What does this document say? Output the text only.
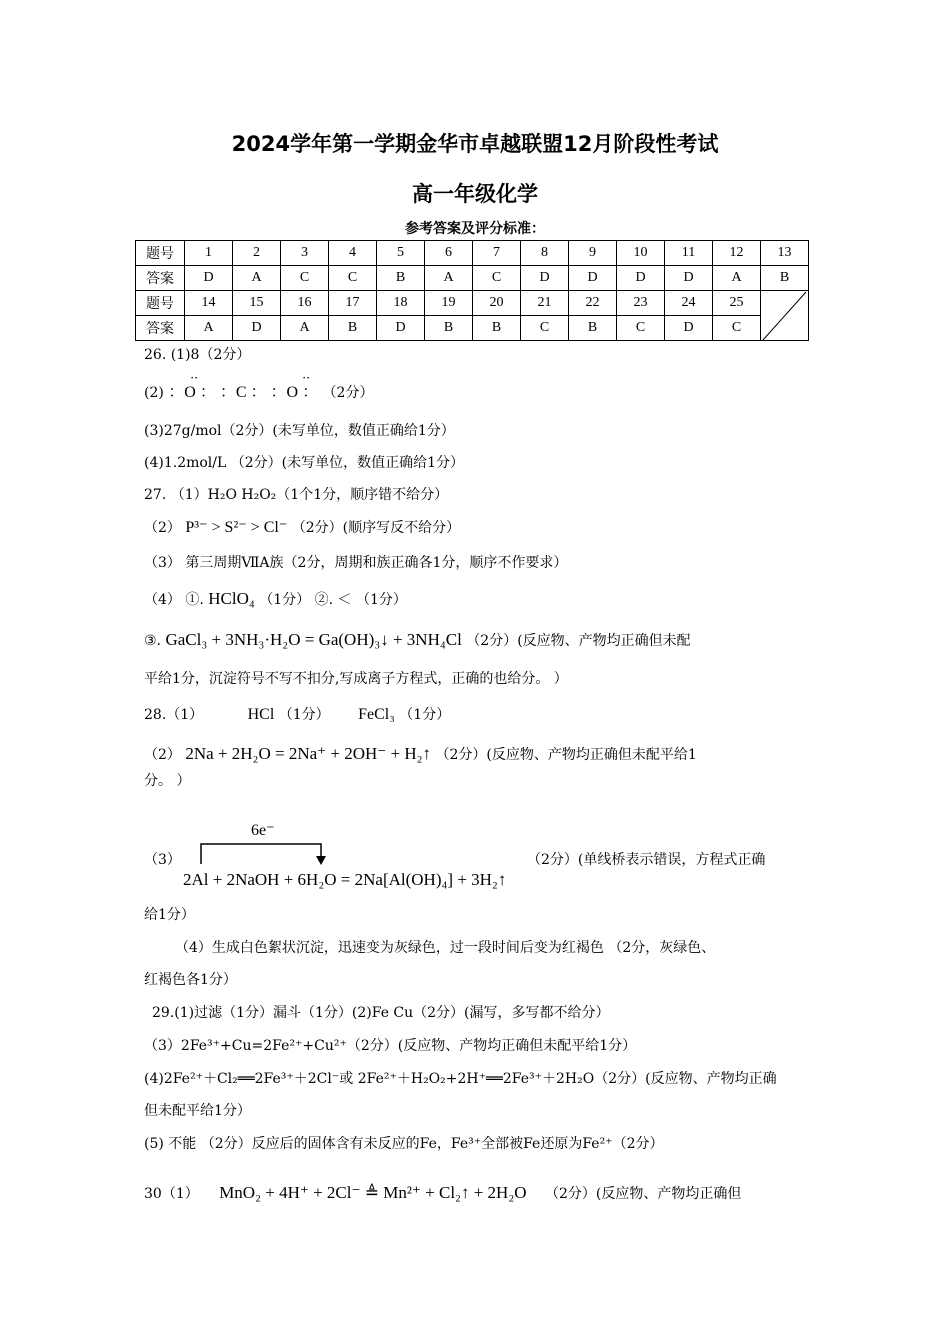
2024学年第一学期金华市卓越联盟12月阶段性考试
高一年级化学
参考答案及评分标准：
题号	1	2	3	4	5	6	7	8	9	10	11	12	13
答案	D	A	C	C	B	A	C	D	D	D	D	A	B
题号	14	15	16	17	18	19	20	21	22	23	24	25	

答案	A	D	A	B	D	B	B	C	B	C	D	C	
26. (1)8（2分）
(2)
··	··
：O ： ：C ： ：O ： （2分）
(3)27g/mol（2分）(未写单位，数值正确给1分）
(4)1.2mol/L （2分）(未写单位，数值正确给1分）
27. （1）H₂O H₂O₂（1个1分，顺序错不给分）
（2） P³⁻ > S²⁻ > Cl⁻ （2分）(顺序写反不给分）
（3） 第三周期ⅦA族（2分，周期和族正确各1分，顺序不作要求）
（4） ①. HClO₄ （1分） ②. ＜ （1分）
③. GaCl₃ + 3NH₃·H₂O = Ga(OH)₃↓ + 3NH₄Cl （2分）(反应物、产物均正确但未配
平给1分，沉淀符号不写不扣分,写成离子方程式，正确的也给分。 ）
28.（1）	HCl （1分） FeCl₃ （1分）
（2） 2Na + 2H₂O = 2Na⁺ + 2OH⁻ + H₂↑ （2分）(反应物、产物均正确但未配平给1
分。 ）
6e⁻
（3）
2Al + 2NaOH + 6H₂O = 2Na[Al(OH)₄] + 3H₂↑
（2分）(单线桥表示错误，方程式正确
给1分）
（4）生成白色絮状沉淀，迅速变为灰绿色，过一段时间后变为红褐色 （2分，灰绿色、
红褐色各1分）
29.(1)过滤（1分）漏斗（1分）(2)Fe Cu（2分）(漏写，多写都不给分）
（3）2Fe³⁺+Cu=2Fe²⁺+Cu²⁺（2分）(反应物、产物均正确但未配平给1分）
(4)2Fe²⁺＋Cl₂══2Fe³⁺＋2Cl⁻或 2Fe²⁺＋H₂O₂+2H⁺══2Fe³⁺＋2H₂O（2分）(反应物、产物均正确
但未配平给1分）
(5) 不能 （2分）反应后的固体含有未反应的Fe，Fe³⁺全部被Fe还原为Fe²⁺（2分）
30（1） MnO₂ + 4H⁺ + 2Cl⁻ ≜ Mn²⁺ + Cl₂↑ + 2H₂O （2分）(反应物、产物均正确但
